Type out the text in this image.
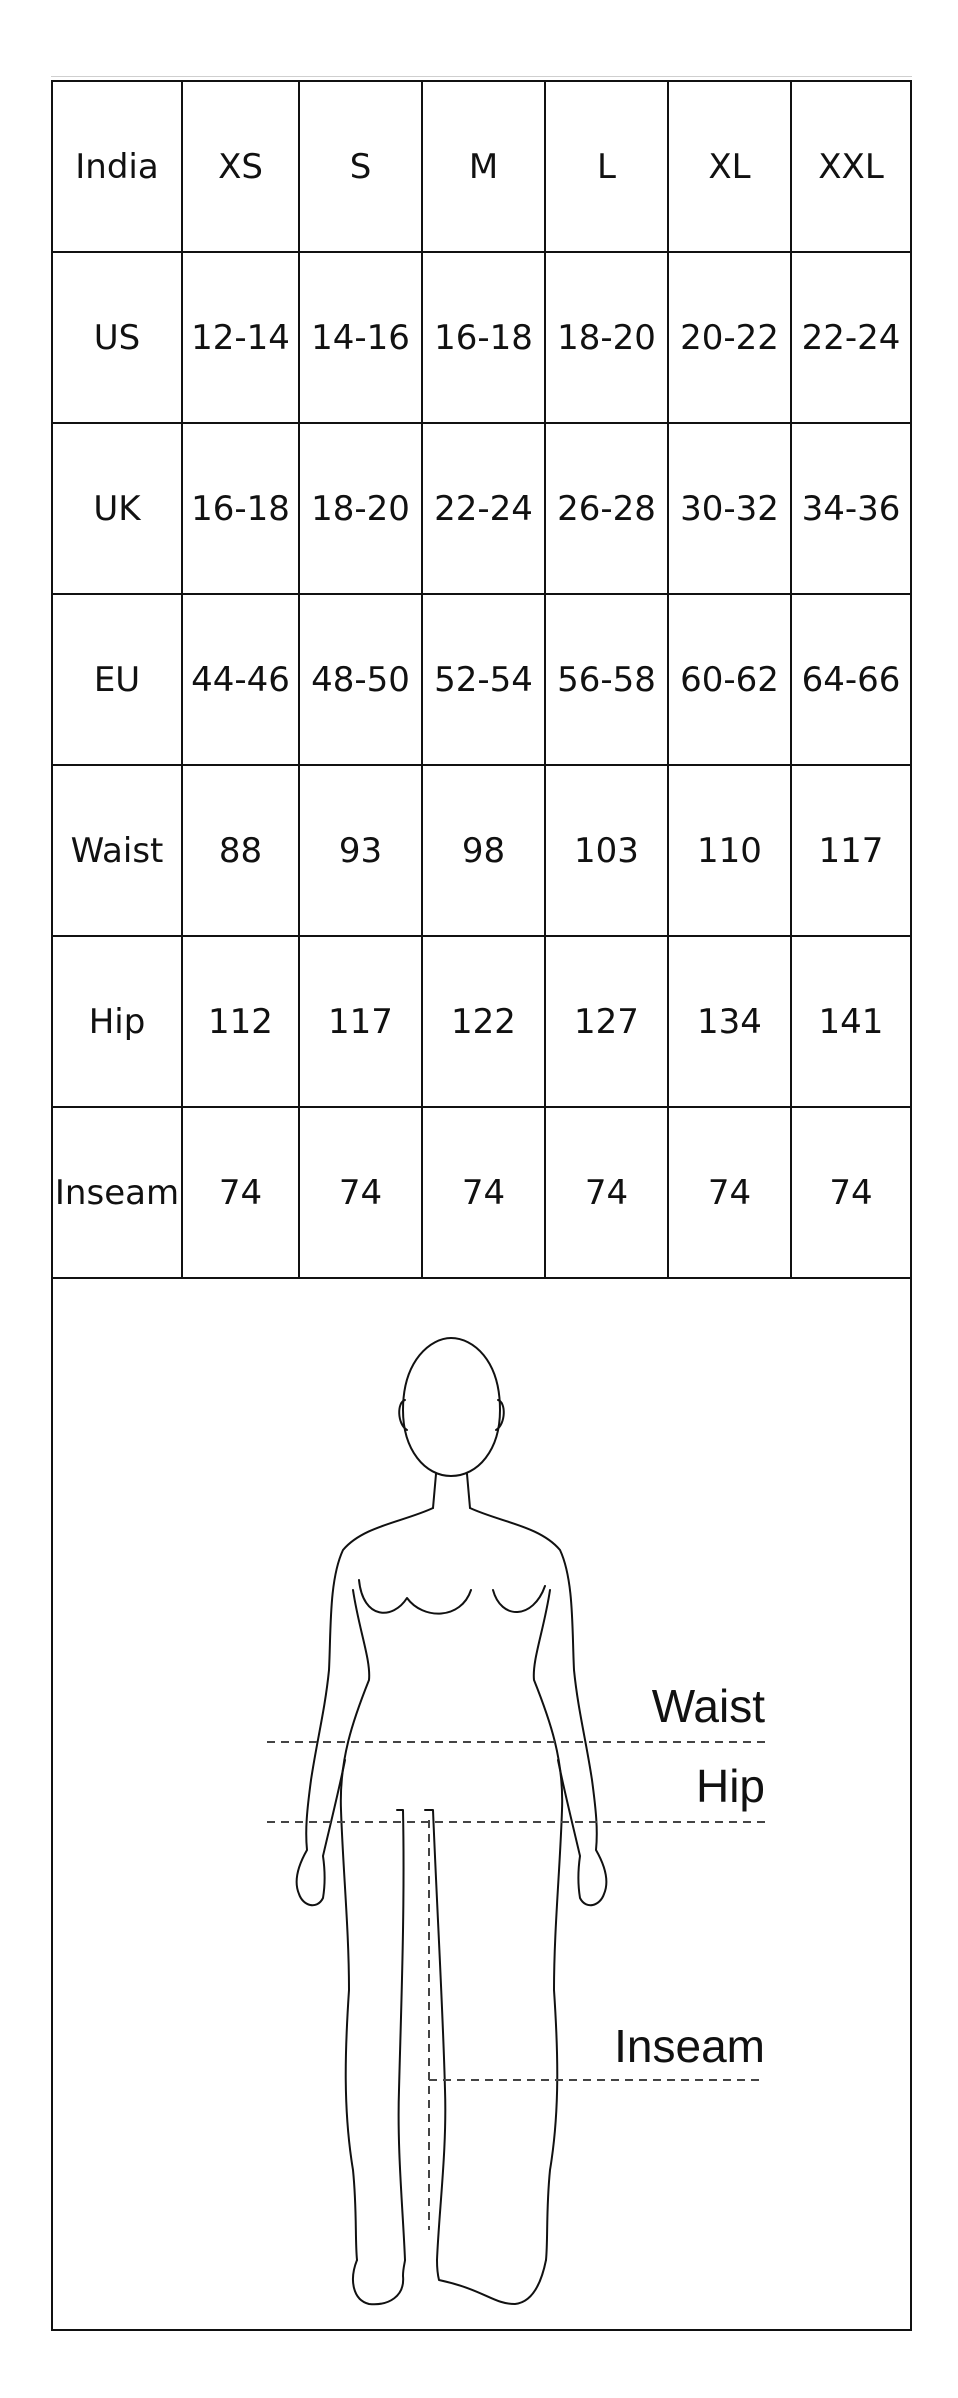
India	XS	S	M	L	XL	XXL
US	12-14	14-16	16-18	18-20	20-22	22-24
UK	16-18	18-20	22-24	26-28	30-32	34-36
EU	44-46	48-50	52-54	56-58	60-62	64-66
Waist	88	93	98	103	110	117
Hip	112	117	122	127	134	141
Inseam	74	74	74	74	74	74
Waist
Hip
Inseam
